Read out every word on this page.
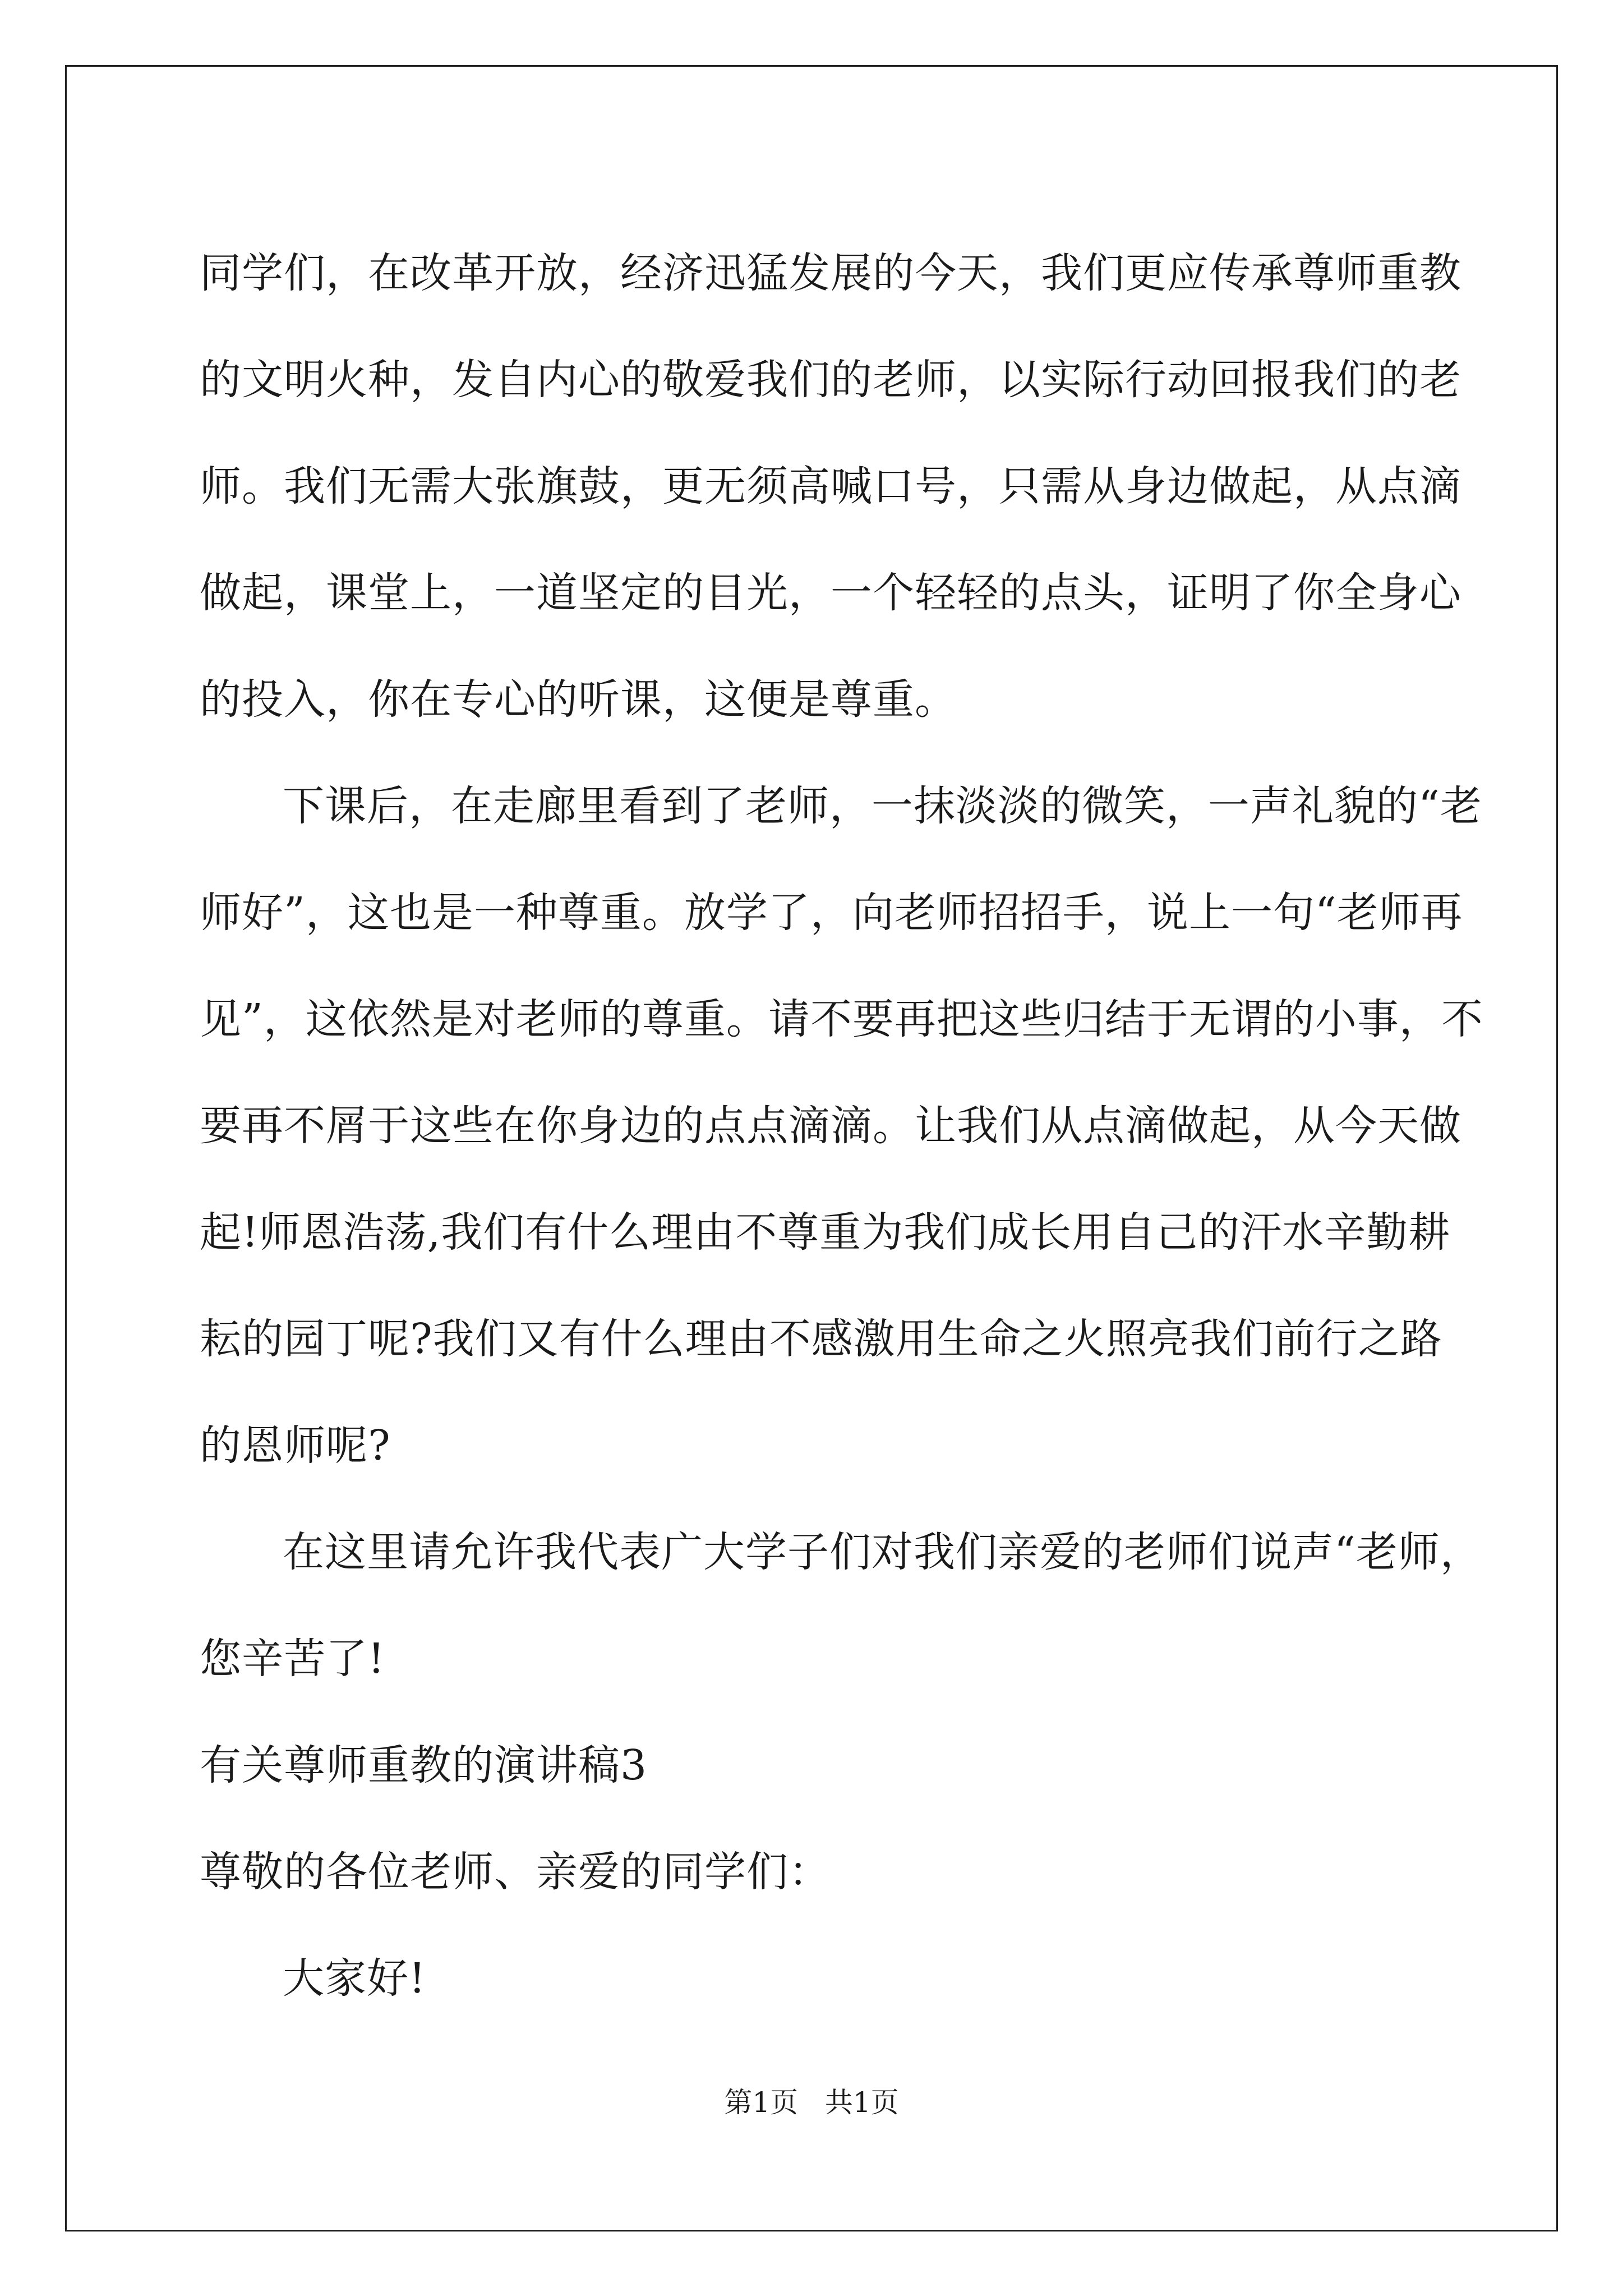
同学们，在改革开放，经济迅猛发展的今天，我们更应传承尊师重教
的文明火种，发自内心的敬爱我们的老师，以实际行动回报我们的老
师。我们无需大张旗鼓，更无须高喊口号，只需从身边做起，从点滴
做起，课堂上，一道坚定的目光，一个轻轻的点头，证明了你全身心
的投入，你在专心的听课，这便是尊重。
下课后，在走廊里看到了老师，一抹淡淡的微笑，一声礼貌的“老
师好”，这也是一种尊重。放学了，向老师招招手，说上一句“老师再
见”，这依然是对老师的尊重。请不要再把这些归结于无谓的小事，不
要再不屑于这些在你身边的点点滴滴。让我们从点滴做起，从今天做
起!师恩浩荡,我们有什么理由不尊重为我们成长用自己的汗水辛勤耕
耘的园丁呢?我们又有什么理由不感激用生命之火照亮我们前行之路
的恩师呢?
在这里请允许我代表广大学子们对我们亲爱的老师们说声“老师，
您辛苦了!
有关尊师重教的演讲稿3
尊敬的各位老师、亲爱的同学们：
大家好!
第1页   共1页
